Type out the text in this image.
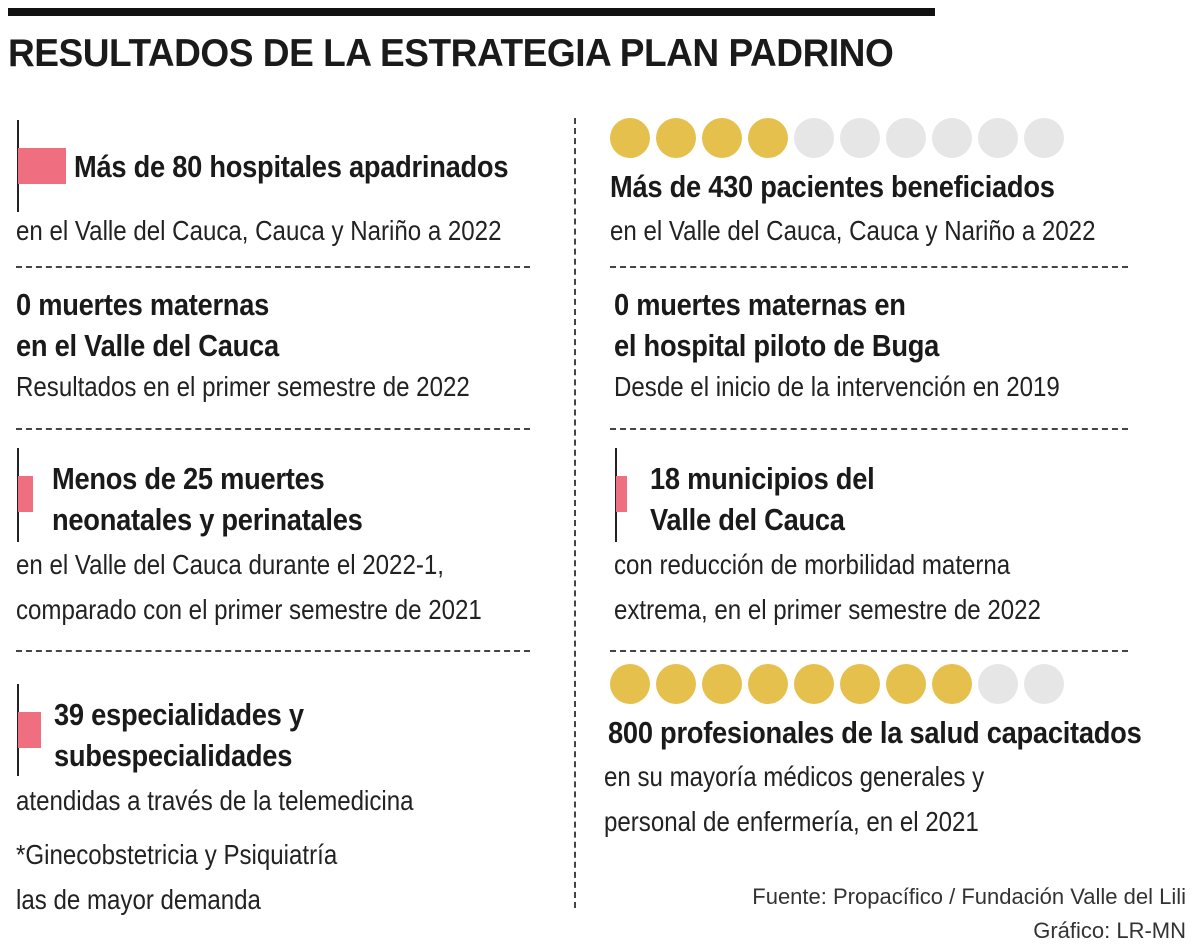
RESULTADOS DE LA ESTRATEGIA PLAN PADRINO
Más de 80 hospitales apadrinados
en el Valle del Cauca, Cauca y Nariño a 2022
0 muertes maternas
en el Valle del Cauca
Resultados en el primer semestre de 2022
Menos de 25 muertes
neonatales y perinatales
en el Valle del Cauca durante el 2022-1,
comparado con el primer semestre de 2021
39 especialidades y
subespecialidades
atendidas a través de la telemedicina
*Ginecobstetricia y Psiquiatría
las de mayor demanda
Más de 430 pacientes beneficiados
en el Valle del Cauca, Cauca y Nariño a 2022
0 muertes maternas en
el hospital piloto de Buga
Desde el inicio de la intervención en 2019
18 municipios del
Valle del Cauca
con reducción de morbilidad materna
extrema, en el primer semestre de 2022
800 profesionales de la salud capacitados
en su mayoría médicos generales y
personal de enfermería, en el 2021
Fuente: Propacífico / Fundación Valle del Lili
Gráfico: LR-MN
